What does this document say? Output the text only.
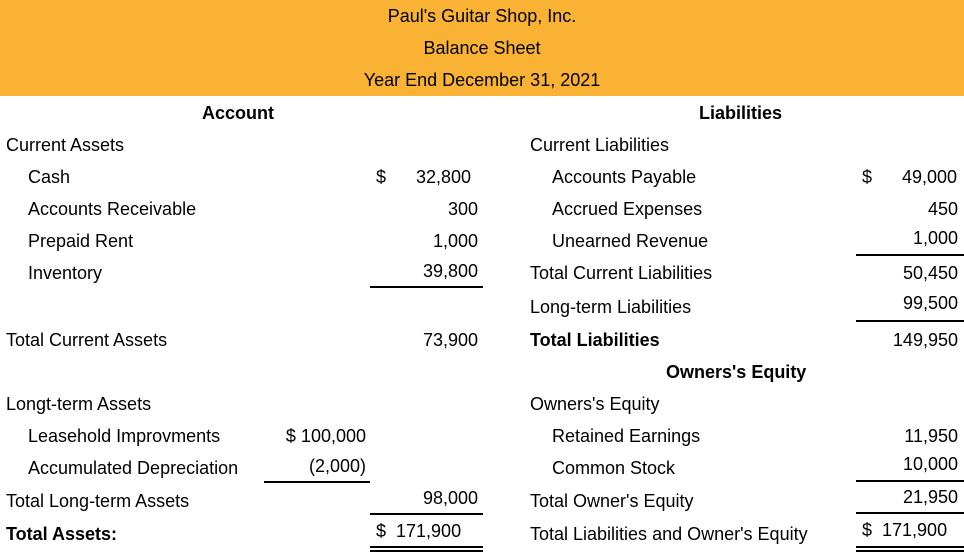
Paul's Guitar Shop, Inc.
Balance Sheet
Year End December 31, 2021
Account
Current Assets
Cash	$      32,800
Accounts Receivable	300
Prepaid Rent	1,000
Inventory	39,800
Total Current Assets	73,900
Longt-term Assets
Leasehold Improvments	$ 100,000
Accumulated Depreciation	(2,000)
Total Long-term Assets	98,000
Total Assets:	$  171,900
Liabilities
Current Liabilities
Accounts Payable	$      49,000
Accrued Expenses	450
Unearned Revenue	1,000
Total Current Liabilities	50,450
Long-term Liabilities	99,500
Total Liabilities	149,950
Owners's Equity
Owners's Equity
Retained Earnings	11,950
Common Stock	10,000
Total Owner's Equity	21,950
Total Liabilities and Owner's Equity	$  171,900
